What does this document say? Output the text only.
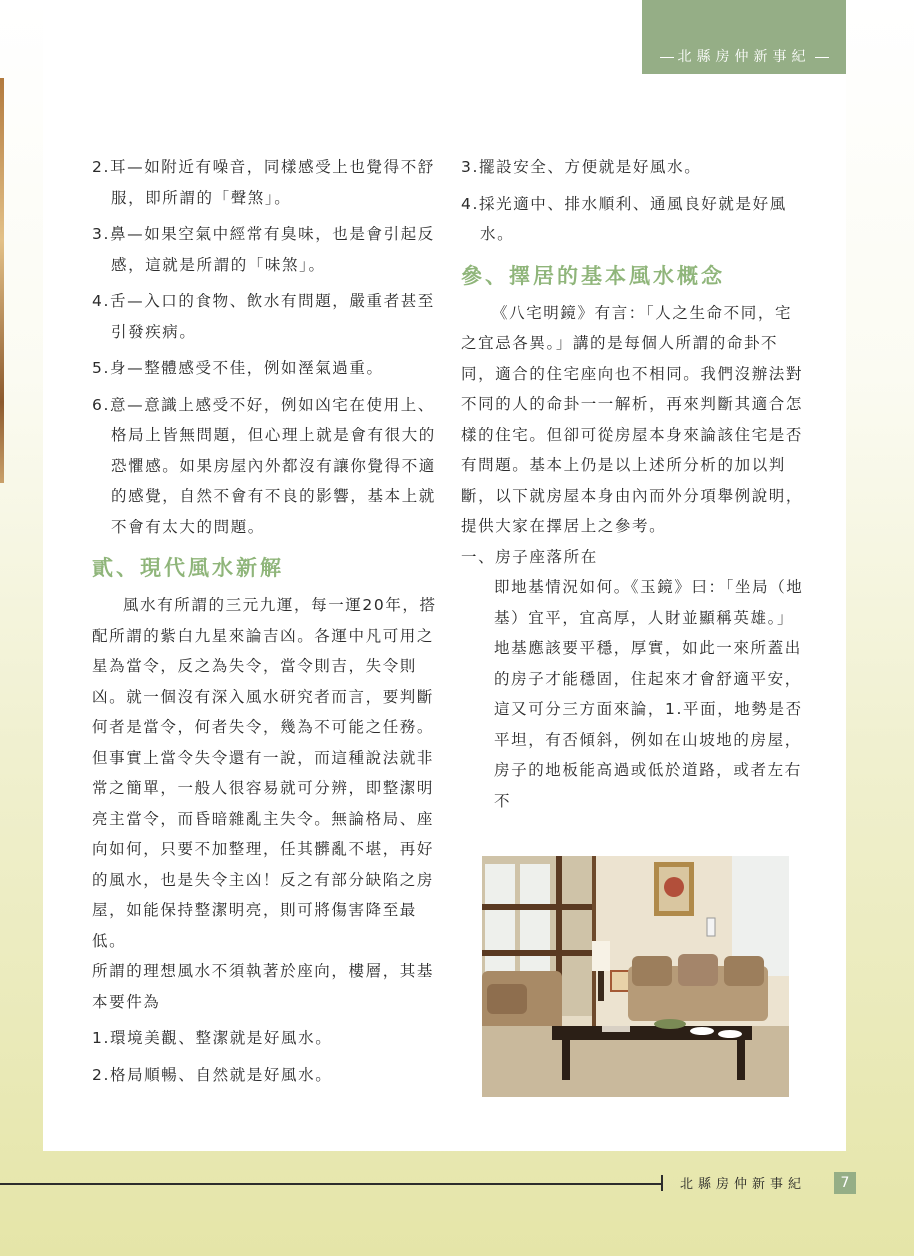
北縣房仲新事紀

2.耳—如附近有噪音，同樣感受上也覺得不舒服，即所謂的「聲煞」。

3.鼻—如果空氣中經常有臭味，也是會引起反感，這就是所謂的「味煞」。

4.舌—入口的食物、飲水有問題，嚴重者甚至引發疾病。

5.身—整體感受不佳，例如溼氣過重。

6.意—意識上感受不好，例如凶宅在使用上、格局上皆無問題，但心理上就是會有很大的恐懼感。如果房屋內外都沒有讓你覺得不適的感覺，自然不會有不良的影響，基本上就不會有太大的問題。

貳、現代風水新解

風水有所謂的三元九運，每一運20年，搭配所謂的紫白九星來論吉凶。各運中凡可用之星為當令，反之為失令，當令則吉，失令則凶。就一個沒有深入風水研究者而言，要判斷何者是當令，何者失令，幾為不可能之任務。但事實上當令失令還有一說，而這種說法就非常之簡單，一般人很容易就可分辨，即整潔明亮主當令，而昏暗雜亂主失令。無論格局、座向如何，只要不加整理，任其髒亂不堪，再好的風水，也是失令主凶！反之有部分缺陷之房屋，如能保持整潔明亮，則可將傷害降至最低。

所謂的理想風水不須執著於座向，樓層，其基本要件為

1.環境美觀、整潔就是好風水。

2.格局順暢、自然就是好風水。

3.擺設安全、方便就是好風水。

4.採光適中、排水順利、通風良好就是好風水。

參、擇居的基本風水概念

《八宅明鏡》有言：「人之生命不同，宅之宜忌各異。」講的是每個人所謂的命卦不同，適合的住宅座向也不相同。我們沒辦法對不同的人的命卦一一解析，再來判斷其適合怎樣的住宅。但卻可從房屋本身來論該住宅是否有問題。基本上仍是以上述所分析的加以判斷，以下就房屋本身由內而外分項舉例說明，提供大家在擇居上之參考。

一、房子座落所在

即地基情況如何。《玉鏡》曰：「坐局（地基）宜平，宜高厚，人財並顯稱英雄。」地基應該要平穩，厚實，如此一來所蓋出的房子才能穩固，住起來才會舒適平安，這又可分三方面來論，1.平面，地勢是否平坦，有否傾斜，例如在山坡地的房屋，房子的地板能高過或低於道路，或者左右不

北縣房仲新事紀	7
